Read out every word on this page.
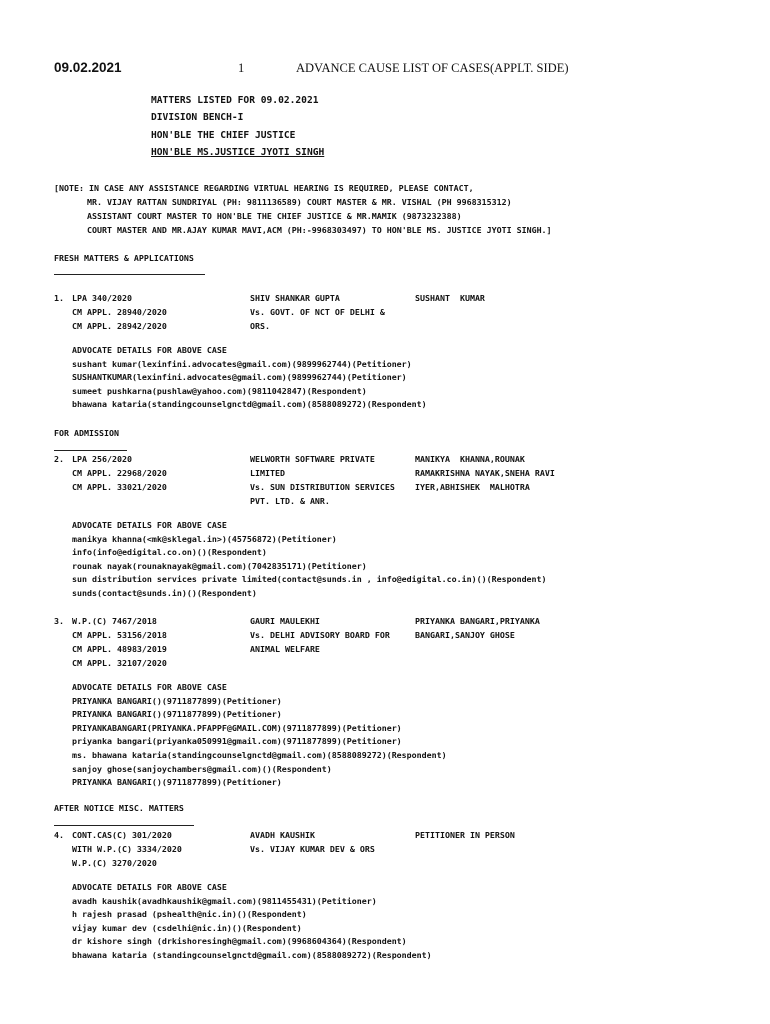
09.02.2021	1	ADVANCE CAUSE LIST OF CASES(APPLT. SIDE)
MATTERS LISTED FOR 09.02.2021
DIVISION BENCH-I
HON'BLE THE CHIEF JUSTICE
HON'BLE MS.JUSTICE JYOTI SINGH
[NOTE: IN CASE ANY ASSISTANCE REGARDING VIRTUAL HEARING IS REQUIRED, PLEASE CONTACT,
MR. VIJAY RATTAN SUNDRIYAL (PH: 9811136589) COURT MASTER & MR. VISHAL (PH 9968315312)
ASSISTANT COURT MASTER TO HON'BLE THE CHIEF JUSTICE & MR.MAMIK (9873232388)
COURT MASTER AND MR.AJAY KUMAR MAVI,ACM (PH:-9968303497) TO HON'BLE MS. JUSTICE JYOTI SINGH.]
FRESH MATTERS & APPLICATIONS
1. LPA 340/2020
CM APPL. 28940/2020
CM APPL. 28942/2020
SHIV SHANKAR GUPTA
Vs. GOVT. OF NCT OF DELHI &
ORS.
SUSHANT  KUMAR
ADVOCATE DETAILS FOR ABOVE CASE
sushant kumar(lexinfini.advocates@gmail.com)(9899962744)(Petitioner)
SUSHANTKUMAR(lexinfini.advocates@gmail.com)(9899962744)(Petitioner)
sumeet pushkarna(pushlaw@yahoo.com)(9811042847)(Respondent)
bhawana kataria(standingcounselgnctd@gmail.com)(8588089272)(Respondent)
FOR ADMISSION
2. LPA 256/2020
CM APPL. 22968/2020
CM APPL. 33021/2020
WELWORTH SOFTWARE PRIVATE
LIMITED
Vs. SUN DISTRIBUTION SERVICES
PVT. LTD. & ANR.
MANIKYA  KHANNA,ROUNAK
RAMAKRISHNA NAYAK,SNEHA RAVI
IYER,ABHISHEK  MALHOTRA
ADVOCATE DETAILS FOR ABOVE CASE
manikya khanna(<mk@sklegal.in>)(45756872)(Petitioner)
info(info@edigital.co.on)()(Respondent)
rounak nayak(rounaknayak@gmail.com)(7042835171)(Petitioner)
sun distribution services private limited(contact@sunds.in , info@edigital.co.in)()(Respondent)
sunds(contact@sunds.in)()(Respondent)
3. W.P.(C) 7467/2018
CM APPL. 53156/2018
CM APPL. 48983/2019
CM APPL. 32107/2020
GAURI MAULEKHI
Vs. DELHI ADVISORY BOARD FOR
ANIMAL WELFARE
PRIYANKA BANGARI,PRIYANKA
BANGARI,SANJOY GHOSE
ADVOCATE DETAILS FOR ABOVE CASE
PRIYANKA BANGARI()(9711877899)(Petitioner)
PRIYANKA BANGARI()(9711877899)(Petitioner)
PRIYANKABANGARI(PRIYANKA.PFAPPF@GMAIL.COM)(9711877899)(Petitioner)
priyanka bangari(priyanka050991@gmail.com)(9711877899)(Petitioner)
ms. bhawana kataria(standingcounselgnctd@gmail.com)(8588089272)(Respondent)
sanjoy ghose(sanjoychambers@gmail.com)()(Respondent)
PRIYANKA BANGARI()(9711877899)(Petitioner)
AFTER NOTICE MISC. MATTERS
4. CONT.CAS(C) 301/2020
WITH W.P.(C) 3334/2020
W.P.(C) 3270/2020
AVADH KAUSHIK
Vs. VIJAY KUMAR DEV & ORS
PETITIONER IN PERSON
ADVOCATE DETAILS FOR ABOVE CASE
avadh kaushik(avadhkaushik@gmail.com)(9811455431)(Petitioner)
h rajesh prasad (pshealth@nic.in)()(Respondent)
vijay kumar dev (csdelhi@nic.in)()(Respondent)
dr kishore singh (drkishoresingh@gmail.com)(9968604364)(Respondent)
bhawana kataria (standingcounselgnctd@gmail.com)(8588089272)(Respondent)
